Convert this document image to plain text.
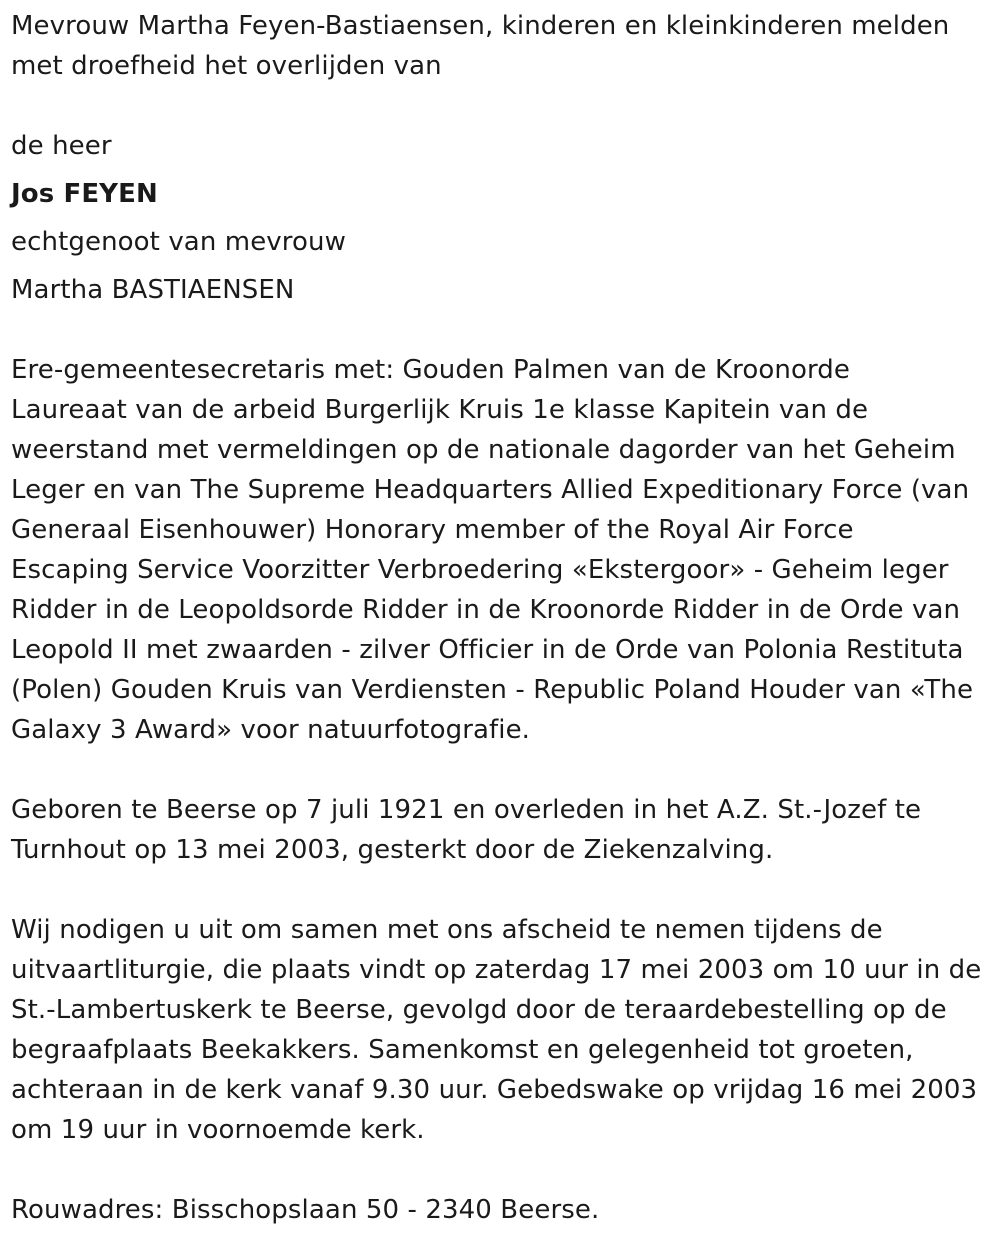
Mevrouw Martha Feyen-Bastiaensen, kinderen en kleinkinderen melden

met droefheid het overlijden van

de heer

Jos FEYEN

echtgenoot van mevrouw

Martha BASTIAENSEN

Ere-gemeentesecretaris met: Gouden Palmen van de Kroonorde

Laureaat van de arbeid Burgerlijk Kruis 1e klasse Kapitein van de

weerstand met vermeldingen op de nationale dagorder van het Geheim

Leger en van The Supreme Headquarters Allied Expeditionary Force (van

Generaal Eisenhouwer) Honorary member of the Royal Air Force

Escaping Service Voorzitter Verbroedering «Ekstergoor» - Geheim leger

Ridder in de Leopoldsorde Ridder in de Kroonorde Ridder in de Orde van

Leopold II met zwaarden - zilver Officier in de Orde van Polonia Restituta

(Polen) Gouden Kruis van Verdiensten - Republic Poland Houder van «The

Galaxy 3 Award» voor natuurfotografie.

Geboren te Beerse op 7 juli 1921 en overleden in het A.Z. St.-Jozef te

Turnhout op 13 mei 2003, gesterkt door de Ziekenzalving.

Wij nodigen u uit om samen met ons afscheid te nemen tijdens de

uitvaartliturgie, die plaats vindt op zaterdag 17 mei 2003 om 10 uur in de

St.-Lambertuskerk te Beerse, gevolgd door de teraardebestelling op de

begraafplaats Beekakkers. Samenkomst en gelegenheid tot groeten,

achteraan in de kerk vanaf 9.30 uur. Gebedswake op vrijdag 16 mei 2003

om 19 uur in voornoemde kerk.

Rouwadres: Bisschopslaan 50 - 2340 Beerse.
